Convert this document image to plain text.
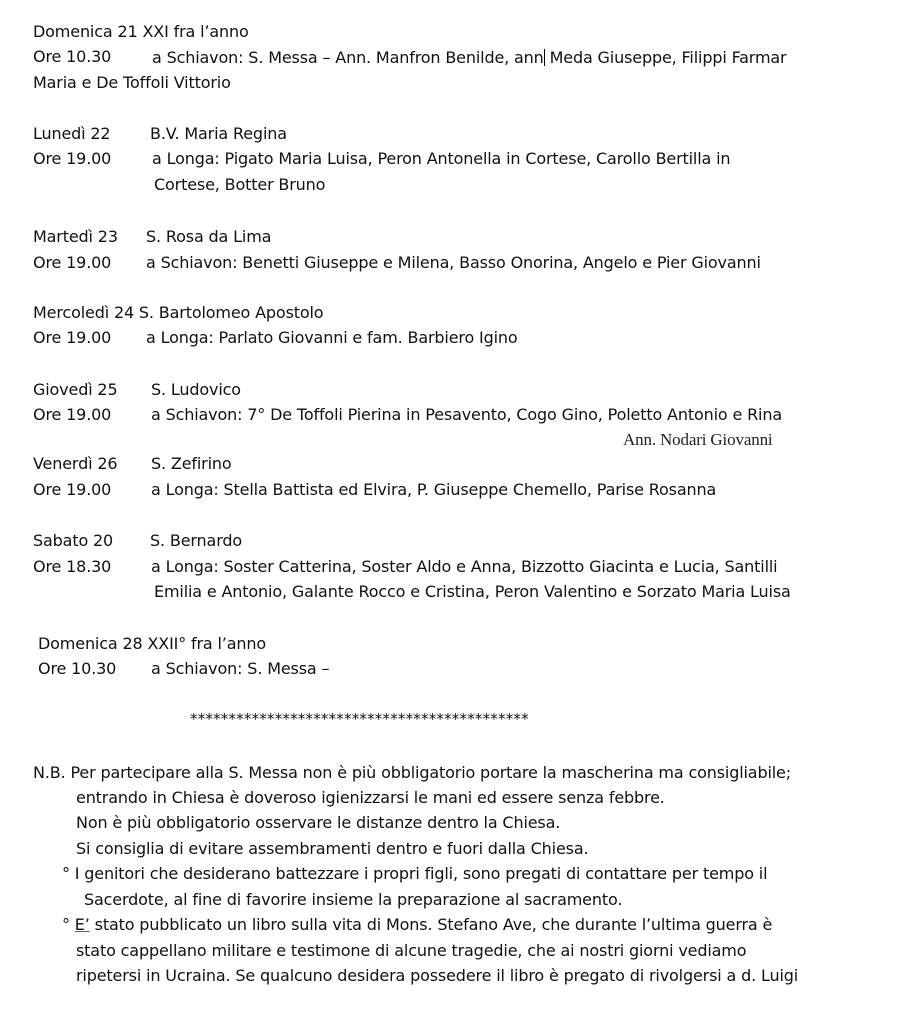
Domenica 21 XXI fra l’anno
Ore 10.30	a Schiavon: S. Messa – Ann. Manfron Benilde, ann Meda Giuseppe, Filippi Farmar
Maria e De Toffoli Vittorio
Lunedì 22 B.V. Maria Regina
Ore 19.00	a Longa: Pigato Maria Luisa, Peron Antonella in Cortese, Carollo Bertilla in
Cortese, Botter Bruno
Martedì 23 S. Rosa da Lima
Ore 19.00 a Schiavon: Benetti Giuseppe e Milena, Basso Onorina, Angelo e Pier Giovanni
Mercoledì 24 S. Bartolomeo Apostolo
Ore 19.00 a Longa: Parlato Giovanni e fam. Barbiero Igino
Giovedì 25 S. Ludovico
Ore 19.00 a Schiavon: 7° De Toffoli Pierina in Pesavento, Cogo Gino, Poletto Antonio e Rina
Ann. Nodari Giovanni
Venerdì 26 S. Zefirino
Ore 19.00 a Longa: Stella Battista ed Elvira, P. Giuseppe Chemello, Parise Rosanna
Sabato 20 S. Bernardo
Ore 18.30 a Longa: Soster Catterina, Soster Aldo e Anna, Bizzotto Giacinta e Lucia, Santilli
Emilia e Antonio, Galante Rocco e Cristina, Peron Valentino e Sorzato Maria Luisa
Domenica 28 XXII° fra l’anno
Ore 10.30 a Schiavon: S. Messa –
********************************************
N.B. Per partecipare alla S. Messa non è più obbligatorio portare la mascherina ma consigliabile;
entrando in Chiesa è doveroso igienizzarsi le mani ed essere senza febbre.
Non è più obbligatorio osservare le distanze dentro la Chiesa.
Si consiglia di evitare assembramenti dentro e fuori dalla Chiesa.
° I genitori che desiderano battezzare i propri figli, sono pregati di contattare per tempo il
Sacerdote, al fine di favorire insieme la preparazione al sacramento.
° E’ stato pubblicato un libro sulla vita di Mons. Stefano Ave, che durante l’ultima guerra è
stato cappellano militare e testimone di alcune tragedie, che ai nostri giorni vediamo
ripetersi in Ucraina. Se qualcuno desidera possedere il libro è pregato di rivolgersi a d. Luigi
